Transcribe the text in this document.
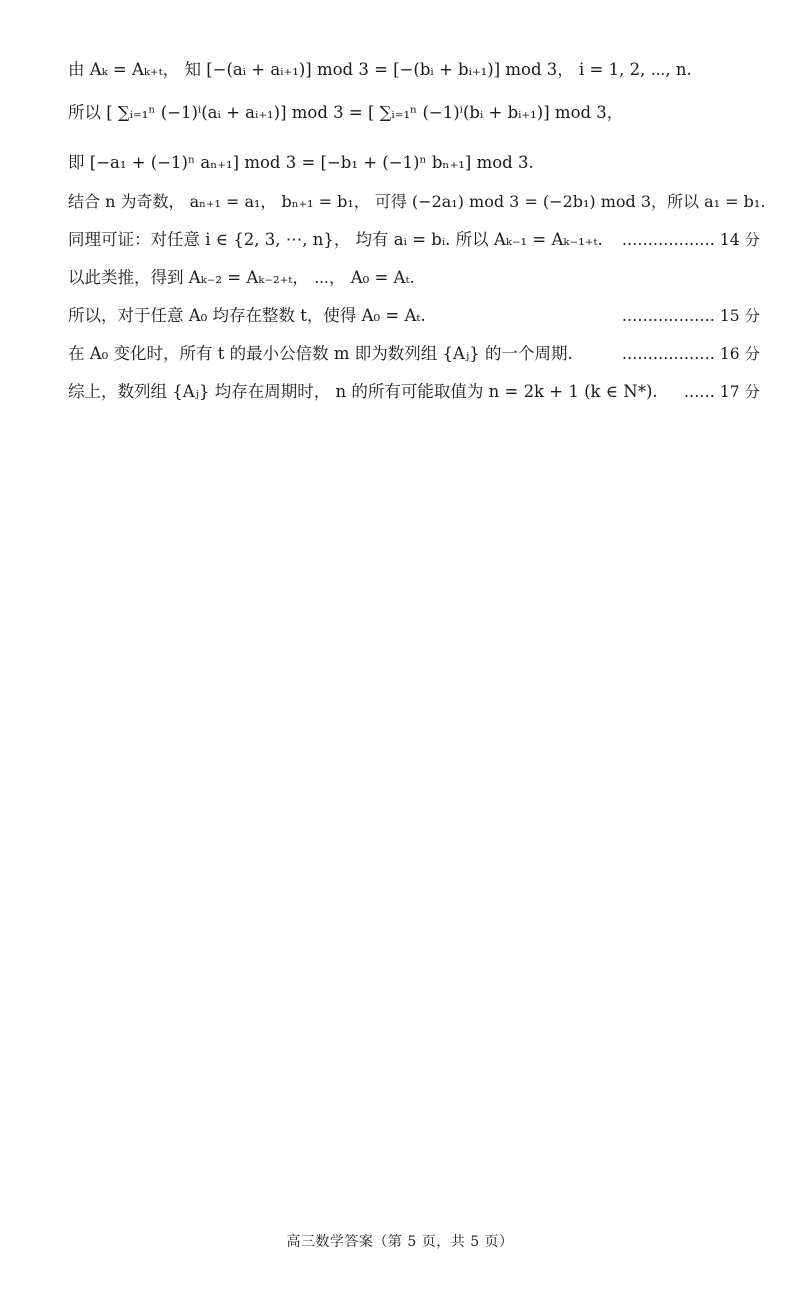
由 Aₖ = Aₖ₊ₜ， 知 [−(aᵢ + aᵢ₊₁)] mod 3 = [−(bᵢ + bᵢ₊₁)] mod 3， i = 1, 2, ⋯, n.
所以 [ ∑ᵢ₌₁ⁿ (−1)ⁱ(aᵢ + aᵢ₊₁)] mod 3 = [ ∑ᵢ₌₁ⁿ (−1)ⁱ(bᵢ + bᵢ₊₁)] mod 3，
即 [−a₁ + (−1)ⁿ aₙ₊₁] mod 3 = [−b₁ + (−1)ⁿ bₙ₊₁] mod 3.
结合 n 为奇数， aₙ₊₁ = a₁， bₙ₊₁ = b₁， 可得 (−2a₁) mod 3 = (−2b₁) mod 3，所以 a₁ = b₁.
同理可证：对任意 i ∈ {2, 3, ⋯, n}， 均有 aᵢ = bᵢ. 所以 Aₖ₋₁ = Aₖ₋₁₊ₜ.	……………… 14 分
以此类推，得到 Aₖ₋₂ = Aₖ₋₂₊ₜ， ⋯， A₀ = Aₜ.
所以，对于任意 A₀ 均存在整数 t，使得 A₀ = Aₜ.	……………… 15 分
在 A₀ 变化时，所有 t 的最小公倍数 m 即为数列组 {Aⱼ} 的一个周期.	……………… 16 分
综上，数列组 {Aⱼ} 均存在周期时， n 的所有可能取值为 n = 2k + 1 (k ∈ N*).	…… 17 分
高三数学答案（第 5 页，共 5 页）
